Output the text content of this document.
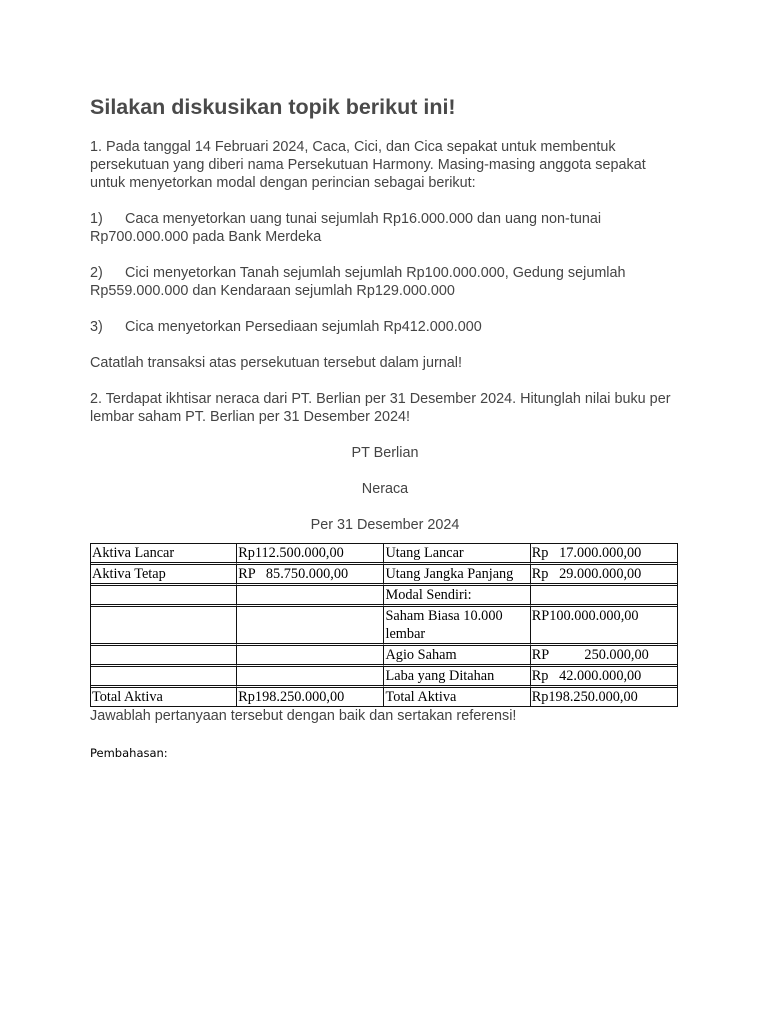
Silakan diskusikan topik berikut ini!

1. Pada tanggal 14 Februari 2024, Caca, Cici, dan Cica sepakat untuk membentuk persekutuan yang diberi nama Persekutuan Harmony. Masing-masing anggota sepakat untuk menyetorkan modal dengan perincian sebagai berikut:

1) Caca menyetorkan uang tunai sejumlah Rp16.000.000 dan uang non-tunai Rp700.000.000 pada Bank Merdeka

2) Cici menyetorkan Tanah sejumlah sejumlah Rp100.000.000, Gedung sejumlah Rp559.000.000 dan Kendaraan sejumlah Rp129.000.000

3) Cica menyetorkan Persediaan sejumlah Rp412.000.000

Catatlah transaksi atas persekutuan tersebut dalam jurnal!

2. Terdapat ikhtisar neraca dari PT. Berlian per 31 Desember 2024. Hitunglah nilai buku per lembar saham PT. Berlian per 31 Desember 2024!

PT Berlian

Neraca

Per 31 Desember 2024

Aktiva Lancar	Rp112.500.000,00	Utang Lancar	Rp   17.000.000,00
Aktiva Tetap	RP   85.750.000,00	Utang Jangka Panjang	Rp   29.000.000,00
		Modal Sendiri:	
		Saham Biasa 10.000 lembar	RP100.000.000,00
		Agio Saham	RP          250.000,00
		Laba yang Ditahan	Rp   42.000.000,00
Total Aktiva	Rp198.250.000,00	Total Aktiva	Rp198.250.000,00

Jawablah pertanyaan tersebut dengan baik dan sertakan referensi!

Pembahasan:
